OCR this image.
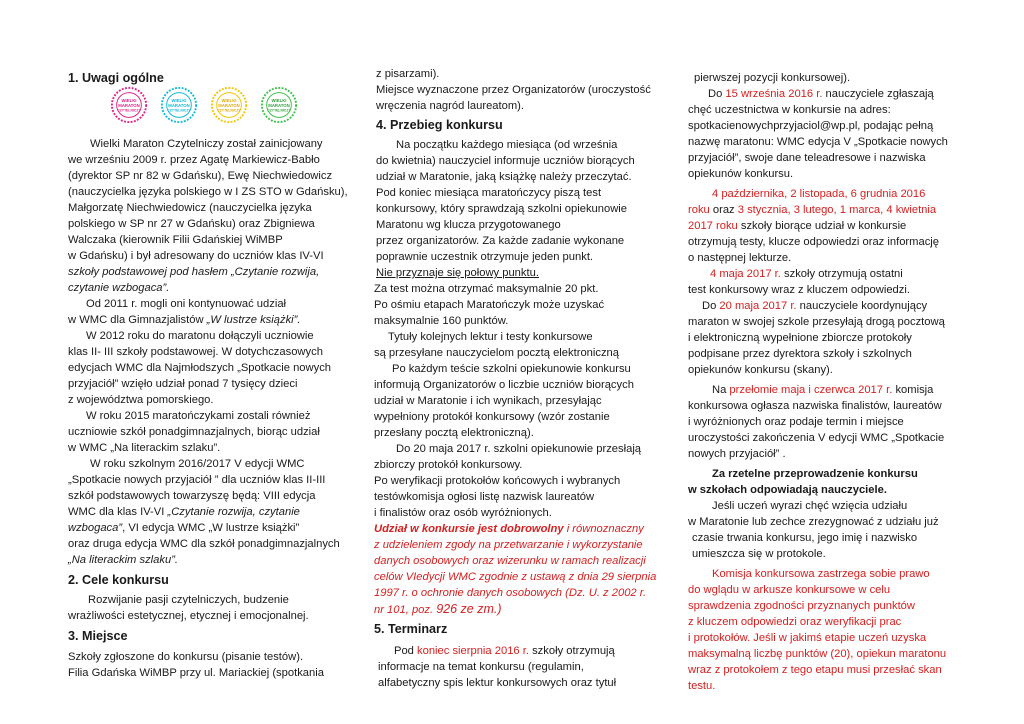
1. Uwagi ogólne

WIELKI
MARATON
CZYTELNICZY
WIELKI
MARATON
CZYTELNICZY
WIELKI
MARATON
CZYTELNICZY
WIELKI
MARATON
CZYTELNICZY
Wielki Maraton Czytelniczy został zainicjowany
we wrześniu 2009 r. przez Agatę Markiewicz-Babło
(dyrektor SP nr 82 w Gdańsku), Ewę Niechwiedowicz
(nauczycielka języka polskiego w I ZS STO w Gdańsku),
Małgorzatę Niechwiedowicz (nauczycielka języka
polskiego w SP nr 27 w Gdańsku) oraz Zbigniewa
Walczaka (kierownik Filii Gdańskiej WiMBP
w Gdańsku) i był adresowany do uczniów klas IV-VI
szkoły podstawowej pod hasłem „Czytanie rozwija,
czytanie wzbogaca”.
Od 2011 r. mogli oni kontynuować udział
w WMC dla Gimnazjalistów „W lustrze książki”.
W 2012 roku do maratonu dołączyli uczniowie
klas II- III szkoły podstawowej. W dotychczasowych
edycjach WMC dla Najmłodszych „Spotkacie nowych
przyjaciół” wzięło udział ponad 7 tysięcy dzieci
z województwa pomorskiego.
W roku 2015 maratończykami zostali również
uczniowie szkół ponadgimnazjalnych, biorąc udział
w WMC „Na literackim szlaku”.
W roku szkolnym 2016/2017 V edycji WMC
„Spotkacie nowych przyjaciół ” dla uczniów klas II-III
szkół podstawowych towarzyszę będą: VIII edycja
WMC dla klas IV-VI „Czytanie rozwija, czytanie
wzbogaca”, VI edycja WMC „W lustrze książki”
oraz druga edycja WMC dla szkół ponadgimnazjalnych
„Na literackim szlaku”.

2. Cele konkursu

Rozwijanie pasji czytelniczych, budzenie
wrażliwości estetycznej, etycznej i emocjonalnej.

3. Miejsce

Szkoły zgłoszone do konkursu (pisanie testów).
Filia Gdańska WiMBP przy ul. Mariackiej (spotkania
z pisarzami).
Miejsce wyznaczone przez Organizatorów (uroczystość
wręczenia nagród laureatom).

4. Przebieg konkursu

Na początku każdego miesiąca (od września
do kwietnia) nauczyciel informuje uczniów biorących
udział w Maratonie, jaką książkę należy przeczytać.
Pod koniec miesiąca maratończycy piszą test
konkursowy, który sprawdzają szkolni opiekunowie
Maratonu wg klucza przygotowanego
przez organizatorów. Za każde zadanie wykonane
poprawnie uczestnik otrzymuje jeden punkt.
Nie przyznaje się połowy punktu.
Za test można otrzymać maksymalnie 20 pkt.
Po ośmiu etapach Maratończyk może uzyskać
maksymalnie 160 punktów.
Tytuły kolejnych lektur i testy konkursowe
są przesyłane nauczycielom pocztą elektroniczną
Po każdym teście szkolni opiekunowie konkursu
informują Organizatorów o liczbie uczniów biorących
udział w Maratonie i ich wynikach, przesyłając
wypełniony protokół konkursowy (wzór zostanie
przesłany pocztą elektroniczną).
Do 20 maja 2017 r. szkolni opiekunowie przesłają
zbiorczy protokół konkursowy.
Po weryfikacji protokołów końcowych i wybranych
testówkomisja ogłosi listę nazwisk laureatów
i finalistów oraz osób wyróżnionych.
Udział w konkursie jest dobrowolny i równoznaczny
z udzieleniem zgody na przetwarzanie i wykorzystanie
danych osobowych oraz wizerunku w ramach realizacji
celów VIedycji WMC zgodnie z ustawą z dnia 29 sierpnia
1997 r. o ochronie danych osobowych (Dz. U. z 2002 r.
nr 101, poz. 926 ze zm.)

5. Terminarz

Pod koniec sierpnia 2016 r. szkoły otrzymują
informacje na temat konkursu (regulamin,
alfabetyczny spis lektur konkursowych oraz tytuł
pierwszej pozycji konkursowej).
Do 15 września 2016 r. nauczyciele zgłaszają
chęć uczestnictwa w konkursie na adres:
spotkacienowychprzyjaciol@wp.pl, podając pełną
nazwę maratonu: WMC edycja V „Spotkacie nowych
przyjaciół”, swoje dane teleadresowe i nazwiska
opiekunów konkursu.
4 października, 2 listopada, 6 grudnia 2016
roku oraz 3 stycznia, 3 lutego, 1 marca, 4 kwietnia
2017 roku szkoły biorące udział w konkursie
otrzymują testy, klucze odpowiedzi oraz informację
o następnej lekturze.
4 maja 2017 r. szkoły otrzymują ostatni
test konkursowy wraz z kluczem odpowiedzi.
Do 20 maja 2017 r. nauczyciele koordynujący
maraton w swojej szkole przesyłają drogą pocztową
i elektroniczną wypełnione zbiorcze protokoły
podpisane przez dyrektora szkoły i szkolnych
opiekunów konkursu (skany).
Na przełomie maja i czerwca 2017 r. komisja
konkursowa ogłasza nazwiska finalistów, laureatów
i wyróżnionych oraz podaje termin i miejsce
uroczystości zakończenia V edycji WMC „Spotkacie
nowych przyjaciół” .
Za rzetelne przeprowadzenie konkursu
w szkołach odpowiadają nauczyciele.
Jeśli uczeń wyrazi chęć wzięcia udziału
w Maratonie lub zechce zrezygnować z udziału już
czasie trwania konkursu, jego imię i nazwisko
umieszcza się w protokole.
Komisja konkursowa zastrzega sobie prawo
do wglądu w arkusze konkursowe w celu
sprawdzenia zgodności przyznanych punktów
z kluczem odpowiedzi oraz weryfikacji prac
i protokołów. Jeśli w jakimś etapie uczeń uzyska
maksymalną liczbę punktów (20), opiekun maratonu
wraz z protokołem z tego etapu musi przesłać skan
testu.
